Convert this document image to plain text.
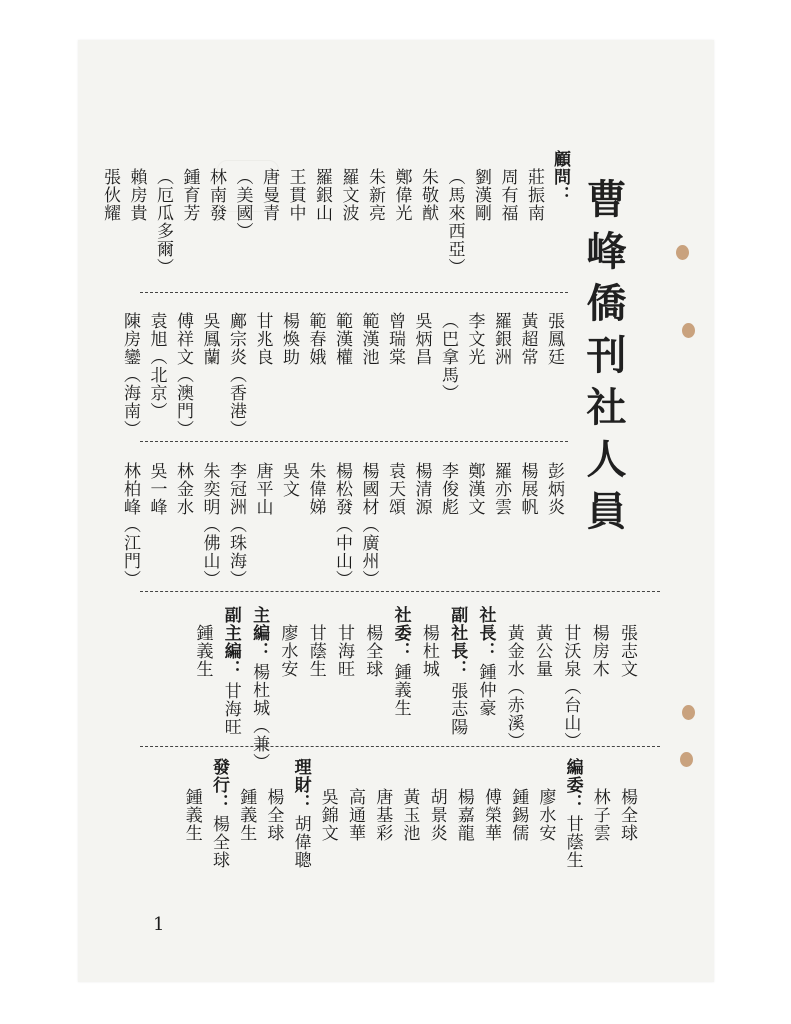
曹峰僑刊社人員
顧問：
莊振南
周有福
劉漢剛
（馬來西亞）
朱敬猷
鄭偉光
朱新亮
羅文波
羅銀山
王貫中
唐曼青
（美國）
林南發
鍾育芳
（厄瓜多爾）
賴房貴
張伙耀
張鳳廷
黃超常
羅銀洲
李文光
（巴拿馬）
吳炳昌
曾瑞棠
範漢池
範漢權
範春娥
楊煥助
甘兆良
鄺宗炎（香港）
吳鳳蘭
傅祥文（澳門）
袁旭（北京）
陳房鑾（海南）
彭炳炎
楊展帆
羅亦雲
鄭漢文
李俊彪
楊清源
袁天頌
楊國材（廣州）
楊松發（中山）
朱偉娣
吳文
唐平山
李冠洲（珠海）
朱奕明（佛山）
林金水
吳一峰
林柏峰（江門）
張志文
楊房木
甘沃泉（台山）
黃公量
黃金水（赤溪）
社長：
鍾仲豪
副社長：
張志陽
楊杜城
社委：
鍾義生
楊全球
甘海旺
甘蔭生
廖水安
主編：
楊杜城（兼）
副主編：
甘海旺
鍾義生
楊全球
林子雲
編委：
甘蔭生
廖水安
鍾錫儒
傅榮華
楊嘉龍
胡景炎
黃玉池
唐基彩
高通華
吳錦文
理財：
胡偉聰
楊全球
鍾義生
發行：
楊全球
鍾義生
1
